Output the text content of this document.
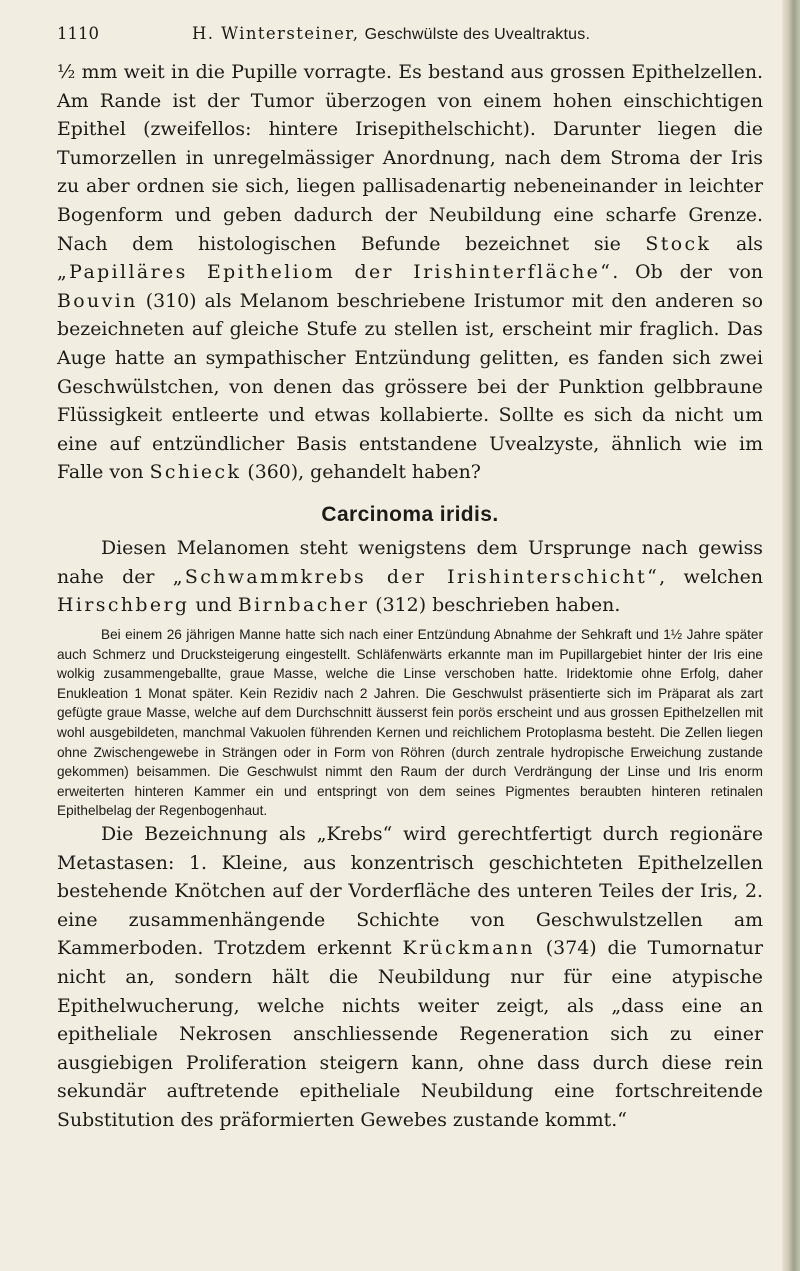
1110	H. Wintersteiner, Geschwülste des Uvealtraktus.

½ mm weit in die Pupille vorragte. Es bestand aus grossen Epithelzellen. Am Rande ist der Tumor überzogen von einem hohen einschichtigen Epithel (zweifellos: hintere Irisepithelschicht). Darunter liegen die Tumorzellen in unregelmässiger Anordnung, nach dem Stroma der Iris zu aber ordnen sie sich, liegen pallisadenartig nebeneinander in leichter Bogenform und geben dadurch der Neubildung eine scharfe Grenze. Nach dem histologischen Befunde bezeichnet sie Stock als „Papilläres Epitheliom der Irishinterfläche“. Ob der von Bouvin (310) als Melanom beschriebene Iristumor mit den anderen so bezeichneten auf gleiche Stufe zu stellen ist, erscheint mir fraglich. Das Auge hatte an sympathischer Entzündung gelitten, es fanden sich zwei Geschwülstchen, von denen das grössere bei der Punktion gelbbraune Flüssigkeit entleerte und etwas kollabierte. Sollte es sich da nicht um eine auf entzündlicher Basis entstandene Uvealzyste, ähnlich wie im Falle von Schieck (360), gehandelt haben?

Carcinoma iridis.

Diesen Melanomen steht wenigstens dem Ursprunge nach gewiss nahe der „Schwammkrebs der Irishinterschicht“, welchen Hirschberg und Birnbacher (312) beschrieben haben.

Bei einem 26 jährigen Manne hatte sich nach einer Entzündung Abnahme der Sehkraft und 1½ Jahre später auch Schmerz und Drucksteigerung eingestellt. Schläfenwärts erkannte man im Pupillargebiet hinter der Iris eine wolkig zusammengeballte, graue Masse, welche die Linse verschoben hatte. Iridektomie ohne Erfolg, daher Enukleation 1 Monat später. Kein Rezidiv nach 2 Jahren. Die Geschwulst präsentierte sich im Präparat als zart gefügte graue Masse, welche auf dem Durchschnitt äusserst fein porös erscheint und aus grossen Epithelzellen mit wohl ausgebildeten, manchmal Vakuolen führenden Kernen und reichlichem Protoplasma besteht. Die Zellen liegen ohne Zwischengewebe in Strängen oder in Form von Röhren (durch zentrale hydropische Erweichung zustande gekommen) beisammen. Die Geschwulst nimmt den Raum der durch Verdrängung der Linse und Iris enorm erweiterten hinteren Kammer ein und entspringt von dem seines Pigmentes beraubten hinteren retinalen Epithelbelag der Regenbogenhaut.

Die Bezeichnung als „Krebs“ wird gerechtfertigt durch regionäre Metastasen: 1. Kleine, aus konzentrisch geschichteten Epithelzellen bestehende Knötchen auf der Vorderfläche des unteren Teiles der Iris, 2. eine zusammenhängende Schichte von Geschwulstzellen am Kammerboden. Trotzdem erkennt Krückmann (374) die Tumornatur nicht an, sondern hält die Neubildung nur für eine atypische Epithelwucherung, welche nichts weiter zeigt, als „dass eine an epitheliale Nekrosen anschliessende Regeneration sich zu einer ausgiebigen Proliferation steigern kann, ohne dass durch diese rein sekundär auftretende epitheliale Neubildung eine fortschreitende Substitution des präformierten Gewebes zustande kommt.“
